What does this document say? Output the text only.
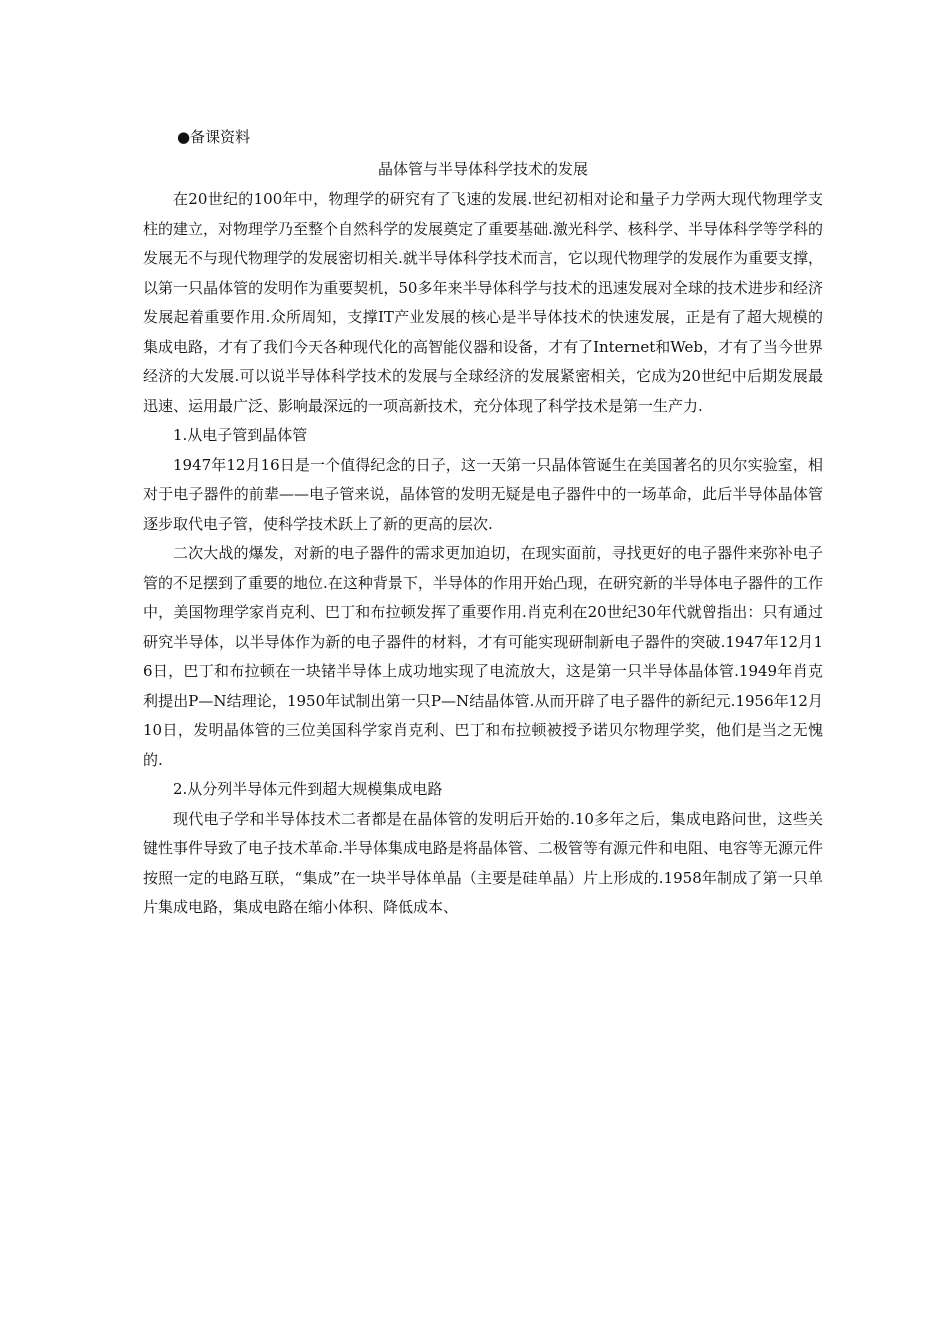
●备课资料
晶体管与半导体科学技术的发展

在20世纪的100年中，物理学的研究有了飞速的发展.世纪初相对论和量子力学两大现代物理学支柱的建立，对物理学乃至整个自然科学的发展奠定了重要基础.激光科学、核科学、半导体科学等学科的发展无不与现代物理学的发展密切相关.就半导体科学技术而言，它以现代物理学的发展作为重要支撑，以第一只晶体管的发明作为重要契机，50多年来半导体科学与技术的迅速发展对全球的技术进步和经济发展起着重要作用.众所周知，支撑IT产业发展的核心是半导体技术的快速发展，正是有了超大规模的集成电路，才有了我们今天各种现代化的高智能仪器和设备，才有了Internet和Web，才有了当今世界经济的大发展.可以说半导体科学技术的发展与全球经济的发展紧密相关，它成为20世纪中后期发展最迅速、运用最广泛、影响最深远的一项高新技术，充分体现了科学技术是第一生产力.

1.从电子管到晶体管

1947年12月16日是一个值得纪念的日子，这一天第一只晶体管诞生在美国著名的贝尔实验室，相对于电子器件的前辈——电子管来说，晶体管的发明无疑是电子器件中的一场革命，此后半导体晶体管逐步取代电子管，使科学技术跃上了新的更高的层次.

二次大战的爆发，对新的电子器件的需求更加迫切，在现实面前，寻找更好的电子器件来弥补电子管的不足摆到了重要的地位.在这种背景下，半导体的作用开始凸现，在研究新的半导体电子器件的工作中，美国物理学家肖克利、巴丁和布拉顿发挥了重要作用.肖克利在20世纪30年代就曾指出：只有通过研究半导体，以半导体作为新的电子器件的材料，才有可能实现研制新电子器件的突破.1947年12月16日，巴丁和布拉顿在一块锗半导体上成功地实现了电流放大，这是第一只半导体晶体管.1949年肖克利提出P—N结理论，1950年试制出第一只P—N结晶体管.从而开辟了电子器件的新纪元.1956年12月10日，发明晶体管的三位美国科学家肖克利、巴丁和布拉顿被授予诺贝尔物理学奖，他们是当之无愧的.

2.从分列半导体元件到超大规模集成电路

现代电子学和半导体技术二者都是在晶体管的发明后开始的.10多年之后，集成电路问世，这些关键性事件导致了电子技术革命.半导体集成电路是将晶体管、二极管等有源元件和电阻、电容等无源元件按照一定的电路互联，“集成”在一块半导体单晶（主要是硅单晶）片上形成的.1958年制成了第一只单片集成电路，集成电路在缩小体积、降低成本、
